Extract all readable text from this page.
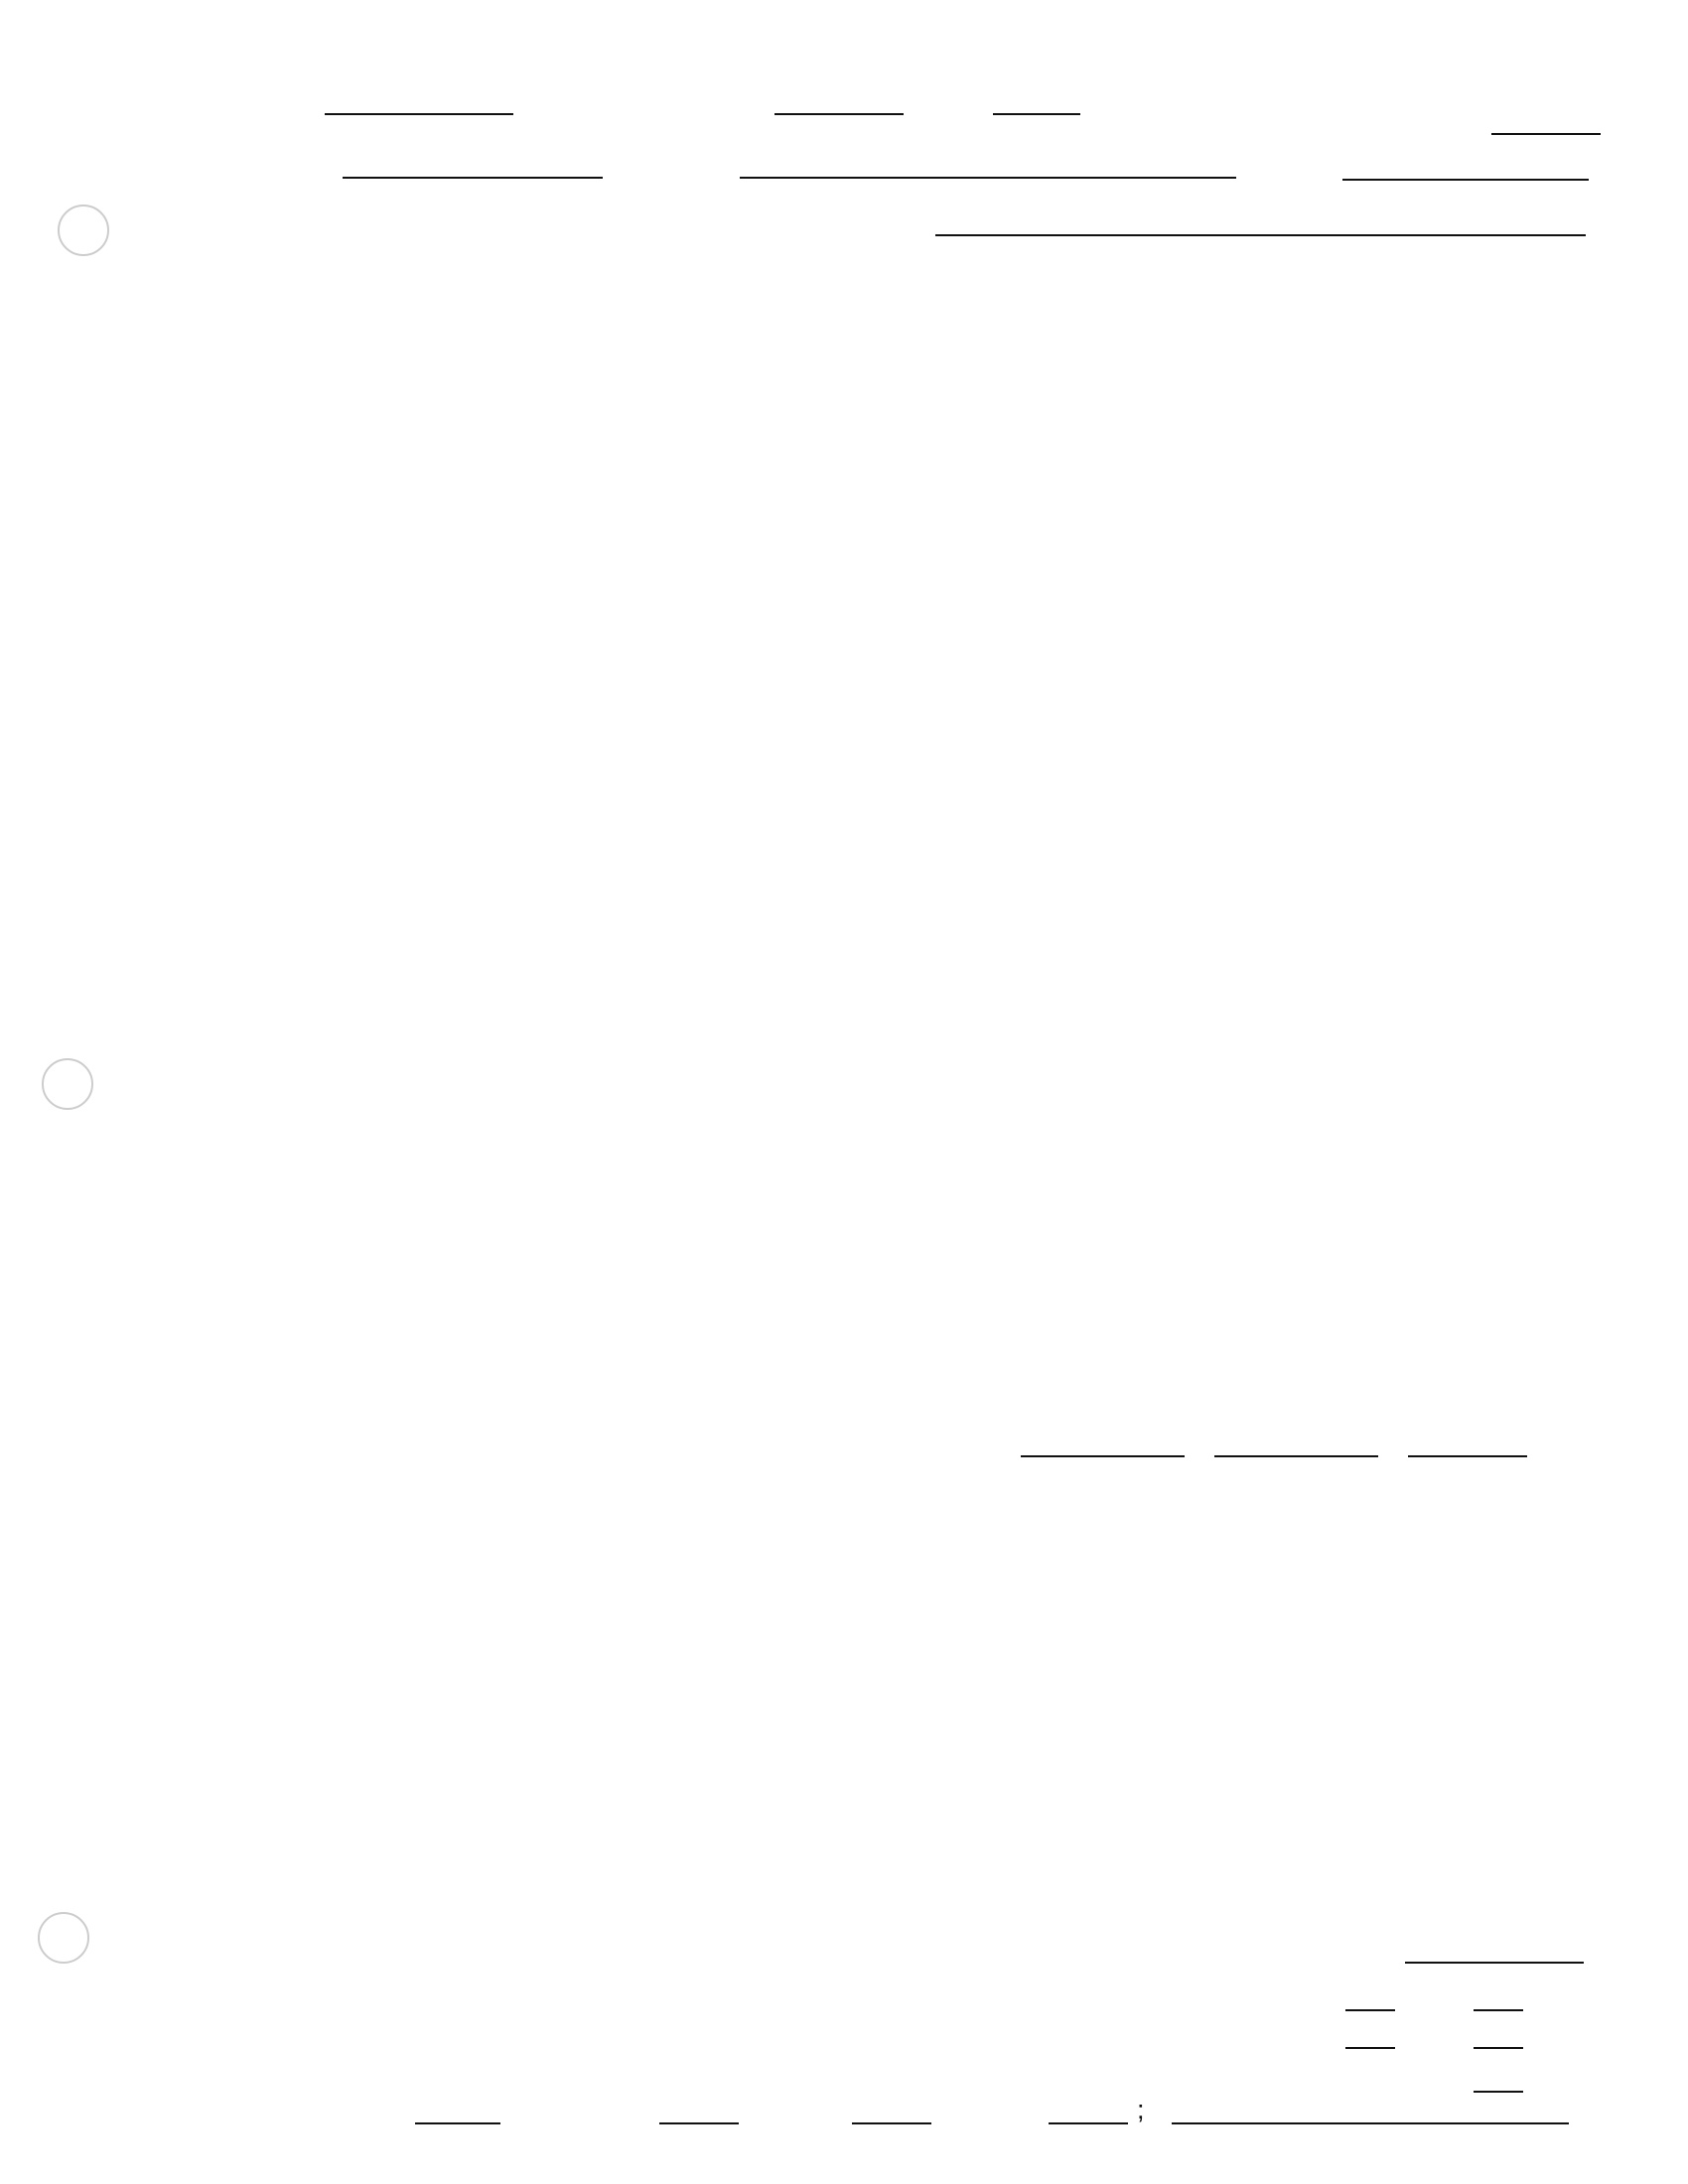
;
